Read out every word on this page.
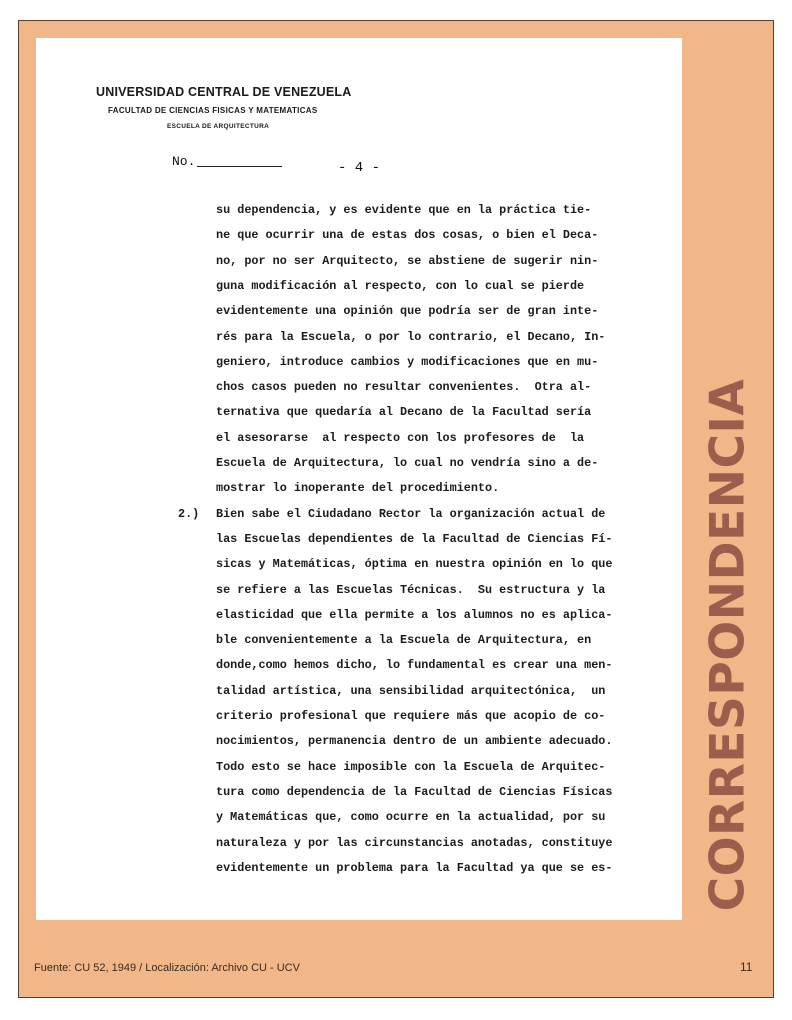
UNIVERSIDAD CENTRAL DE VENEZUELA
FACULTAD DE CIENCIAS FISICAS Y MATEMATICAS
ESCUELA DE ARQUITECTURA
No.	- 4 -
2.)
su dependencia, y es evidente que en la práctica tie-
ne que ocurrir una de estas dos cosas, o bien el Deca-
no, por no ser Arquitecto, se abstiene de sugerir nin-
guna modificación al respecto, con lo cual se pierde
evidentemente una opinión que podría ser de gran inte-
rés para la Escuela, o por lo contrario, el Decano, In-
geniero, introduce cambios y modificaciones que en mu-
chos casos pueden no resultar convenientes.  Otra al-
ternativa que quedaría al Decano de la Facultad sería
el asesorarse  al respecto con los profesores de  la
Escuela de Arquitectura, lo cual no vendría sino a de-
mostrar lo inoperante del procedimiento.
Bien sabe el Ciudadano Rector la organización actual de
las Escuelas dependientes de la Facultad de Ciencias Fí-
sicas y Matemáticas, óptima en nuestra opinión en lo que
se refiere a las Escuelas Técnicas.  Su estructura y la
elasticidad que ella permite a los alumnos no es aplica-
ble convenientemente a la Escuela de Arquitectura, en
donde,como hemos dicho, lo fundamental es crear una men-
talidad artística, una sensibilidad arquitectónica,  un
criterio profesional que requiere más que acopio de co-
nocimientos, permanencia dentro de un ambiente adecuado.
Todo esto se hace imposible con la Escuela de Arquitec-
tura como dependencia de la Facultad de Ciencias Físicas
y Matemáticas que, como ocurre en la actualidad, por su
naturaleza y por las circunstancias anotadas, constituye
evidentemente un problema para la Facultad ya que se es- CORRESPONDENCIA
Fuente: CU 52, 1949 / Localización: Archivo CU - UCV	11
